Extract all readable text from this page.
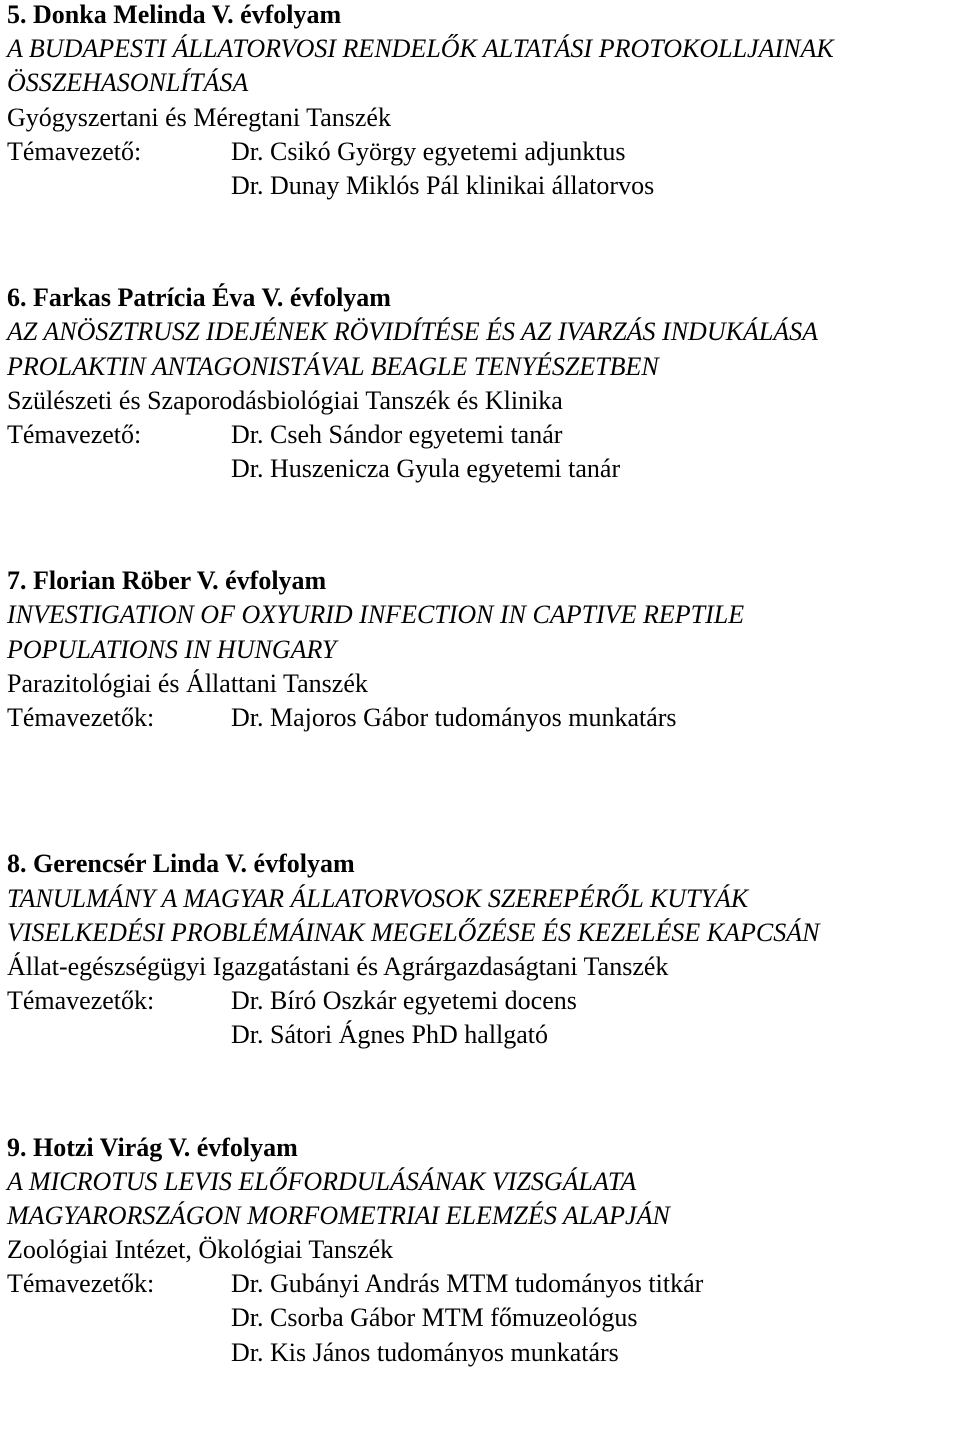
5. Donka Melinda V. évfolyam
A BUDAPESTI ÁLLATORVOSI RENDELŐK ALTATÁSI PROTOKOLLJAINAK
ÖSSZEHASONLÍTÁSA
Gyógyszertani és Méregtani Tanszék
Témavezető:	Dr. Csikó György egyetemi adjunktus
Dr. Dunay Miklós Pál klinikai állatorvos
6. Farkas Patrícia Éva V. évfolyam
AZ ANÖSZTRUSZ IDEJÉNEK RÖVIDÍTÉSE ÉS AZ IVARZÁS INDUKÁLÁSA
PROLAKTIN ANTAGONISTÁVAL BEAGLE TENYÉSZETBEN
Szülészeti és Szaporodásbiológiai Tanszék és Klinika
Témavezető:	Dr. Cseh Sándor egyetemi tanár
Dr. Huszenicza Gyula egyetemi tanár
7. Florian Röber V. évfolyam
INVESTIGATION OF OXYURID INFECTION IN CAPTIVE REPTILE
POPULATIONS IN HUNGARY
Parazitológiai és Állattani Tanszék
Témavezetők:	Dr. Majoros Gábor tudományos munkatárs
8. Gerencsér Linda V. évfolyam
TANULMÁNY A MAGYAR ÁLLATORVOSOK SZEREPÉRŐL KUTYÁK
VISELKEDÉSI PROBLÉMÁINAK MEGELŐZÉSE ÉS KEZELÉSE KAPCSÁN
Állat-egészségügyi Igazgatástani és Agrárgazdaságtani Tanszék
Témavezetők:	Dr. Bíró Oszkár egyetemi docens
Dr. Sátori Ágnes PhD hallgató
9. Hotzi Virág V. évfolyam
A MICROTUS LEVIS ELŐFORDULÁSÁNAK VIZSGÁLATA
MAGYARORSZÁGON MORFOMETRIAI ELEMZÉS ALAPJÁN
Zoológiai Intézet, Ökológiai Tanszék
Témavezetők:	Dr. Gubányi András MTM tudományos titkár
Dr. Csorba Gábor MTM főmuzeológus
Dr. Kis János tudományos munkatárs
